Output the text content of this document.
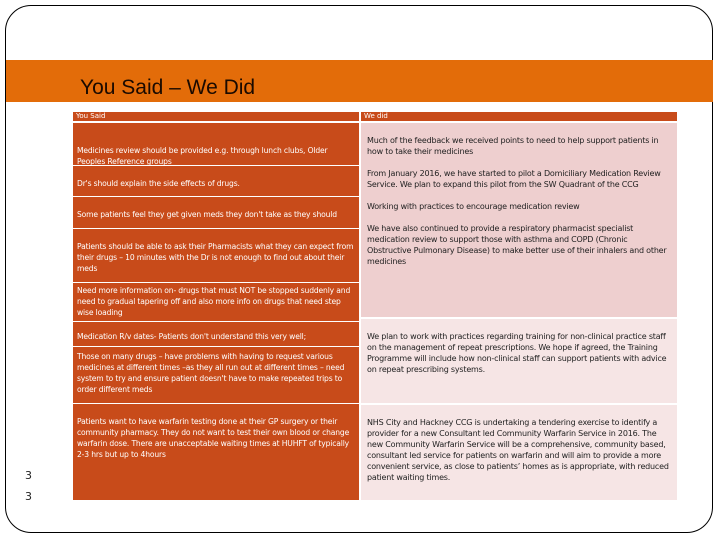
You Said – We Did
You Said	We did
Medicines review should be provided e.g. through lunch clubs, Older Peoples Reference groups
Dr's should explain the side effects of drugs.
Some patients feel they get given meds they don't take as they should
Patients should be able to ask their Pharmacists what they can expect from their drugs – 10 minutes with the Dr is not enough to find out about their meds
Need more information on- drugs that must NOT be stopped suddenly and need to gradual tapering off and also more info on drugs that need step wise loading
Medication R/v dates- Patients don't understand this very well;
Those on many drugs – have problems with having to request various medicines at different times –as they all run out at different times – need system to try and ensure patient doesn't have to make repeated trips to order different meds
Patients want to have warfarin testing done at their GP surgery or their community pharmacy. They do not want to test their own blood or change warfarin dose. There are unacceptable waiting times at HUHFT of typically 2-3 hrs but up to 4hours

Much of the feedback we received points to need to help support patients in how to take their medicines

From January 2016, we have started to pilot a Domiciliary Medication Review Service. We plan to expand this pilot from the SW Quadrant of the CCG

Working with practices to encourage medication review

We have also continued to provide a respiratory pharmacist specialist medication review to support those with asthma and COPD (Chronic Obstructive Pulmonary Disease) to make better use of their inhalers and other medicines

We plan to work with practices regarding training for non-clinical practice staff on the management of repeat prescriptions. We hope if agreed, the Training Programme will include how non-clinical staff can support patients with advice on repeat prescribing systems.

NHS City and Hackney CCG is undertaking a tendering exercise to identify a provider for a new Consultant led Community Warfarin Service in 2016. The new Community Warfarin Service will be a comprehensive, community based, consultant led service for patients on warfarin and will aim to provide a more convenient service, as close to patients’ homes as is appropriate, with reduced patient waiting times.

3
3
